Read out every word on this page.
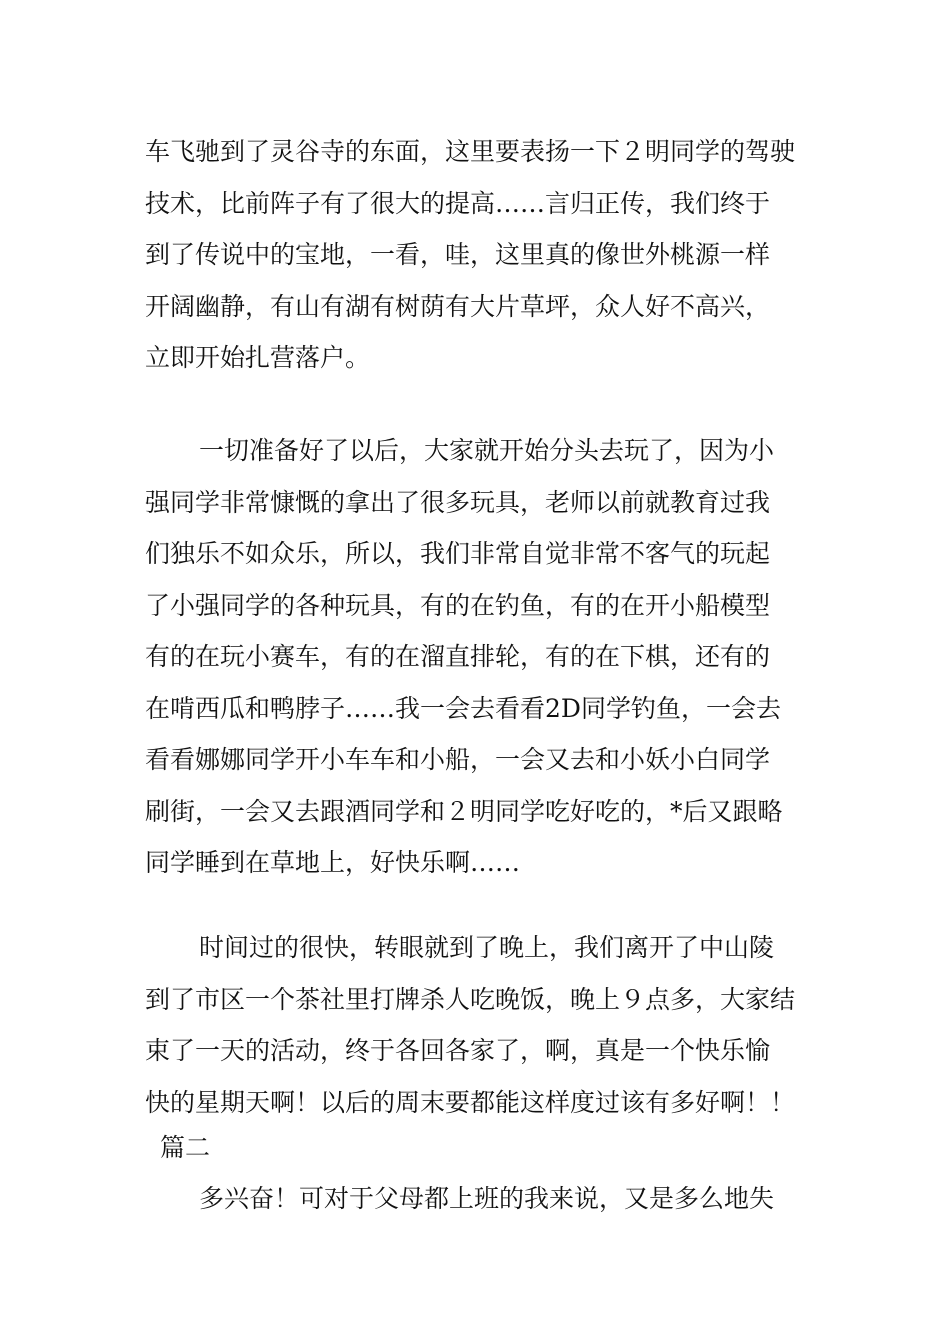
车飞驰到了灵谷寺的东面，这里要表扬一下２明同学的驾驶
技术，比前阵子有了很大的提高……言归正传，我们终于
到了传说中的宝地，一看，哇，这里真的像世外桃源一样
开阔幽静，有山有湖有树荫有大片草坪，众人好不高兴，
立即开始扎营落户。
一切准备好了以后，大家就开始分头去玩了，因为小
强同学非常慷慨的拿出了很多玩具，老师以前就教育过我
们独乐不如众乐，所以，我们非常自觉非常不客气的玩起
了小强同学的各种玩具，有的在钓鱼，有的在开小船模型
有的在玩小赛车，有的在溜直排轮，有的在下棋，还有的
在啃西瓜和鸭脖子……我一会去看看2D同学钓鱼，一会去
看看娜娜同学开小车车和小船，一会又去和小妖小白同学
刷街，一会又去跟酒同学和２明同学吃好吃的，*后又跟略
同学睡到在草地上，好快乐啊……
时间过的很快，转眼就到了晚上，我们离开了中山陵
到了市区一个茶社里打牌杀人吃晚饭，晚上９点多，大家结
束了一天的活动，终于各回各家了，啊，真是一个快乐愉
快的星期天啊！以后的周末要都能这样度过该有多好啊！！
篇二
多兴奋！可对于父母都上班的我来说，又是多么地失
